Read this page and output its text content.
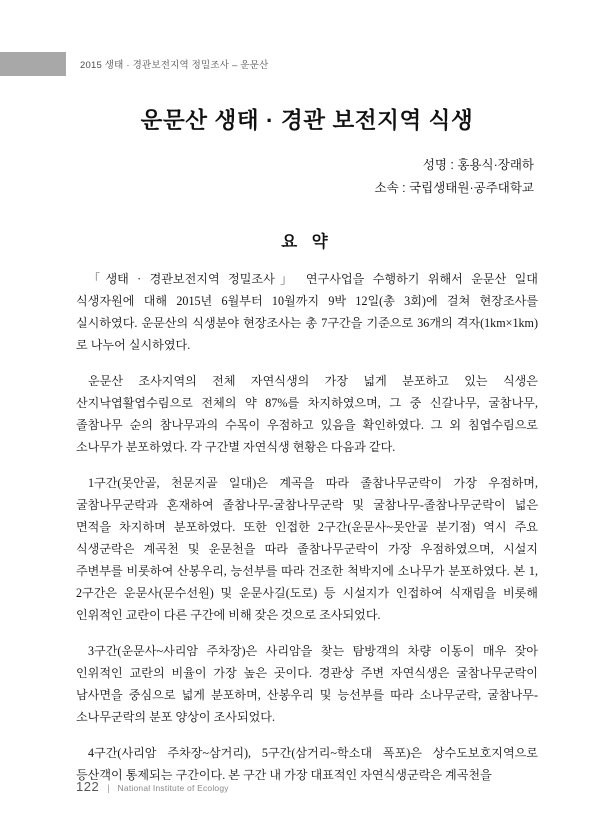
2015 생태 · 경관보전지역 정밀조사 – 운문산
운문산 생태 · 경관 보전지역 식생
성명 : 홍용식·장래하
소속 : 국립생태원·공주대학교
요 약

「생태 · 경관보전지역 정밀조사」 연구사업을 수행하기 위해서 운문산 일대 식생자원에 대해 2015년 6월부터 10월까지 9박 12일(총 3회)에 걸쳐 현장조사를 실시하였다. 운문산의 식생분야 현장조사는 총 7구간을 기준으로 36개의 격자(1km×1km)로 나누어 실시하였다.

운문산 조사지역의 전체 자연식생의 가장 넓게 분포하고 있는 식생은 산지낙엽활엽수림으로 전체의 약 87%를 차지하였으며, 그 중 신갈나무, 굴참나무, 졸참나무 순의 참나무과의 수목이 우점하고 있음을 확인하였다. 그 외 침엽수림으로 소나무가 분포하였다. 각 구간별 자연식생 현황은 다음과 같다.

1구간(못안골, 천문지골 일대)은 계곡을 따라 졸참나무군락이 가장 우점하며, 굴참나무군락과 혼재하여 졸참나무-굴참나무군락 및 굴참나무-졸참나무군락이 넓은 면적을 차지하며 분포하였다. 또한 인접한 2구간(운문사~못안골 분기점) 역시 주요 식생군락은 계곡천 및 운문천을 따라 졸참나무군락이 가장 우점하였으며, 시설지 주변부를 비롯하여 산봉우리, 능선부를 따라 건조한 척박지에 소나무가 분포하였다. 본 1, 2구간은 운문사(문수선원) 및 운문사길(도로) 등 시설지가 인접하여 식재림을 비롯해 인위적인 교란이 다른 구간에 비해 잦은 것으로 조사되었다.

3구간(운문사~사리암 주차장)은 사리암을 찾는 탐방객의 차량 이동이 매우 잦아 인위적인 교란의 비율이 가장 높은 곳이다. 경관상 주변 자연식생은 굴참나무군락이 남사면을 중심으로 넓게 분포하며, 산봉우리 및 능선부를 따라 소나무군락, 굴참나무-소나무군락의 분포 양상이 조사되었다.

4구간(사리암 주차장~삼거리), 5구간(삼거리~학소대 폭포)은 상수도보호지역으로 등산객이 통제되는 구간이다. 본 구간 내 가장 대표적인 자연식생군락은 계곡천을

122 | National Institute of Ecology
